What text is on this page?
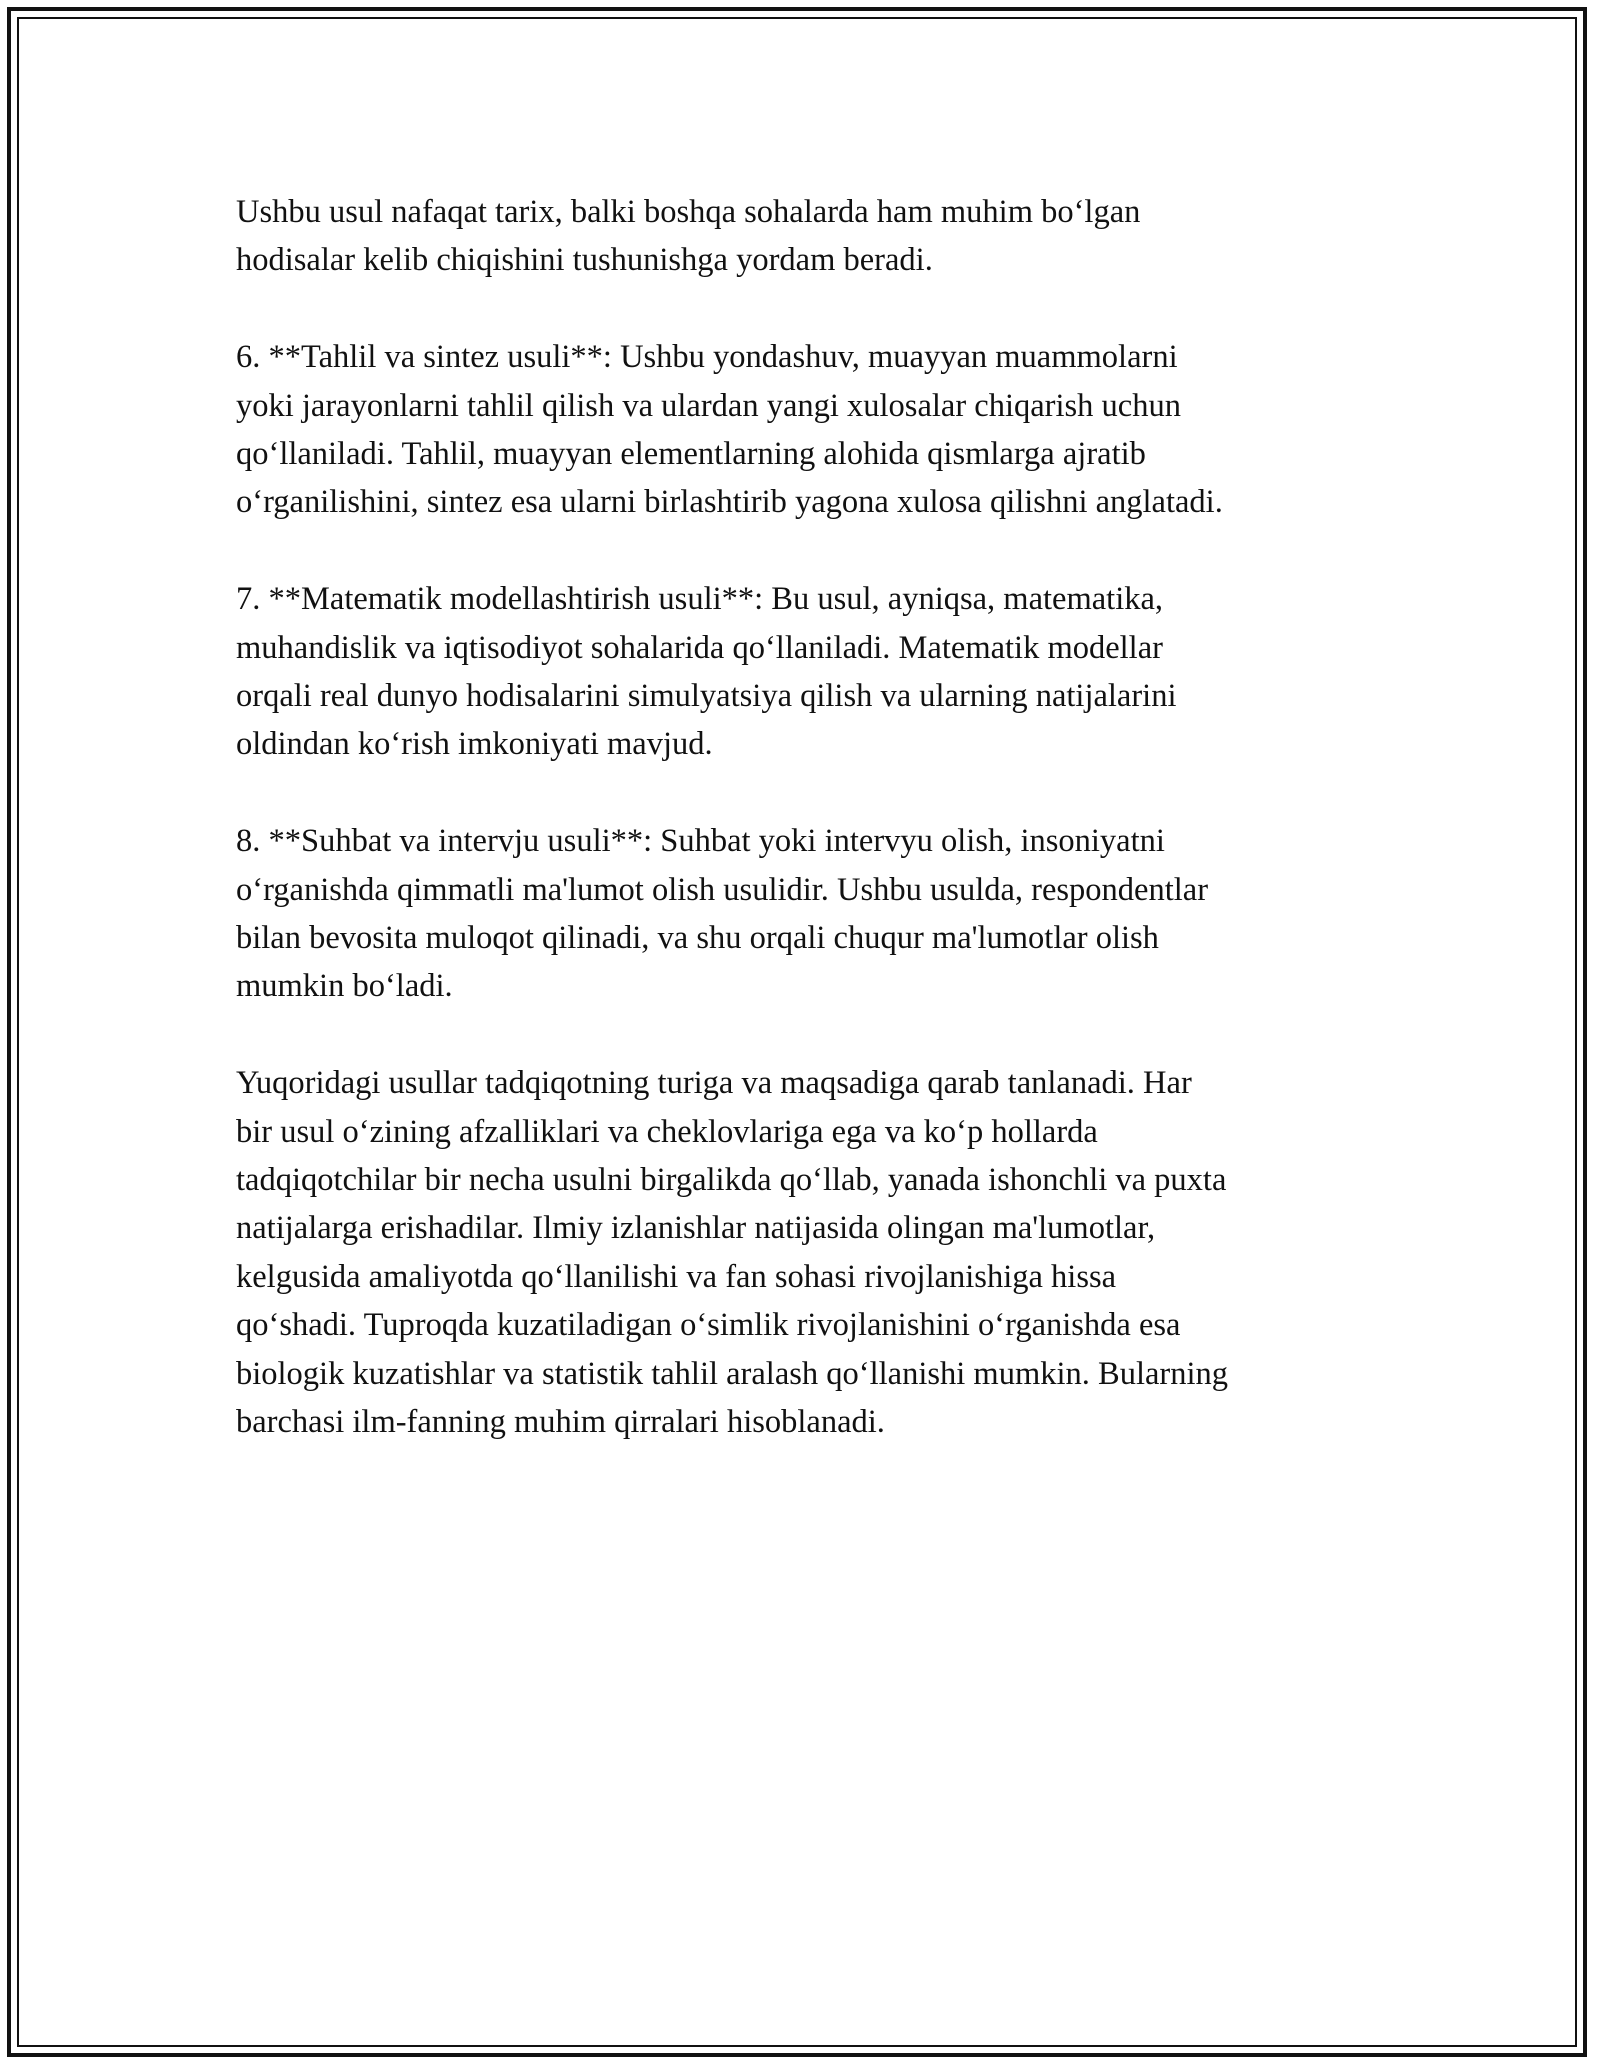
Ushbu usul nafaqat tarix, balki boshqa sohalarda ham muhim bo‘lgan
hodisalar kelib chiqishini tushunishga yordam beradi.

6. **Tahlil va sintez usuli**: Ushbu yondashuv, muayyan muammolarni
yoki jarayonlarni tahlil qilish va ulardan yangi xulosalar chiqarish uchun
qo‘llaniladi. Tahlil, muayyan elementlarning alohida qismlarga ajratib
o‘rganilishini, sintez esa ularni birlashtirib yagona xulosa qilishni anglatadi.

7. **Matematik modellashtirish usuli**: Bu usul, ayniqsa, matematika,
muhandislik va iqtisodiyot sohalarida qo‘llaniladi. Matematik modellar
orqali real dunyo hodisalarini simulyatsiya qilish va ularning natijalarini
oldindan ko‘rish imkoniyati mavjud.

8. **Suhbat va intervju usuli**: Suhbat yoki intervyu olish, insoniyatni
o‘rganishda qimmatli ma'lumot olish usulidir. Ushbu usulda, respondentlar
bilan bevosita muloqot qilinadi, va shu orqali chuqur ma'lumotlar olish
mumkin bo‘ladi.

Yuqoridagi usullar tadqiqotning turiga va maqsadiga qarab tanlanadi. Har
bir usul o‘zining afzalliklari va cheklovlariga ega va ko‘p hollarda
tadqiqotchilar bir necha usulni birgalikda qo‘llab, yanada ishonchli va puxta
natijalarga erishadilar. Ilmiy izlanishlar natijasida olingan ma'lumotlar,
kelgusida amaliyotda qo‘llanilishi va fan sohasi rivojlanishiga hissa
qo‘shadi. Tuproqda kuzatiladigan o‘simlik rivojlanishini o‘rganishda esa
biologik kuzatishlar va statistik tahlil aralash qo‘llanishi mumkin. Bularning
barchasi ilm-fanning muhim qirralari hisoblanadi.
